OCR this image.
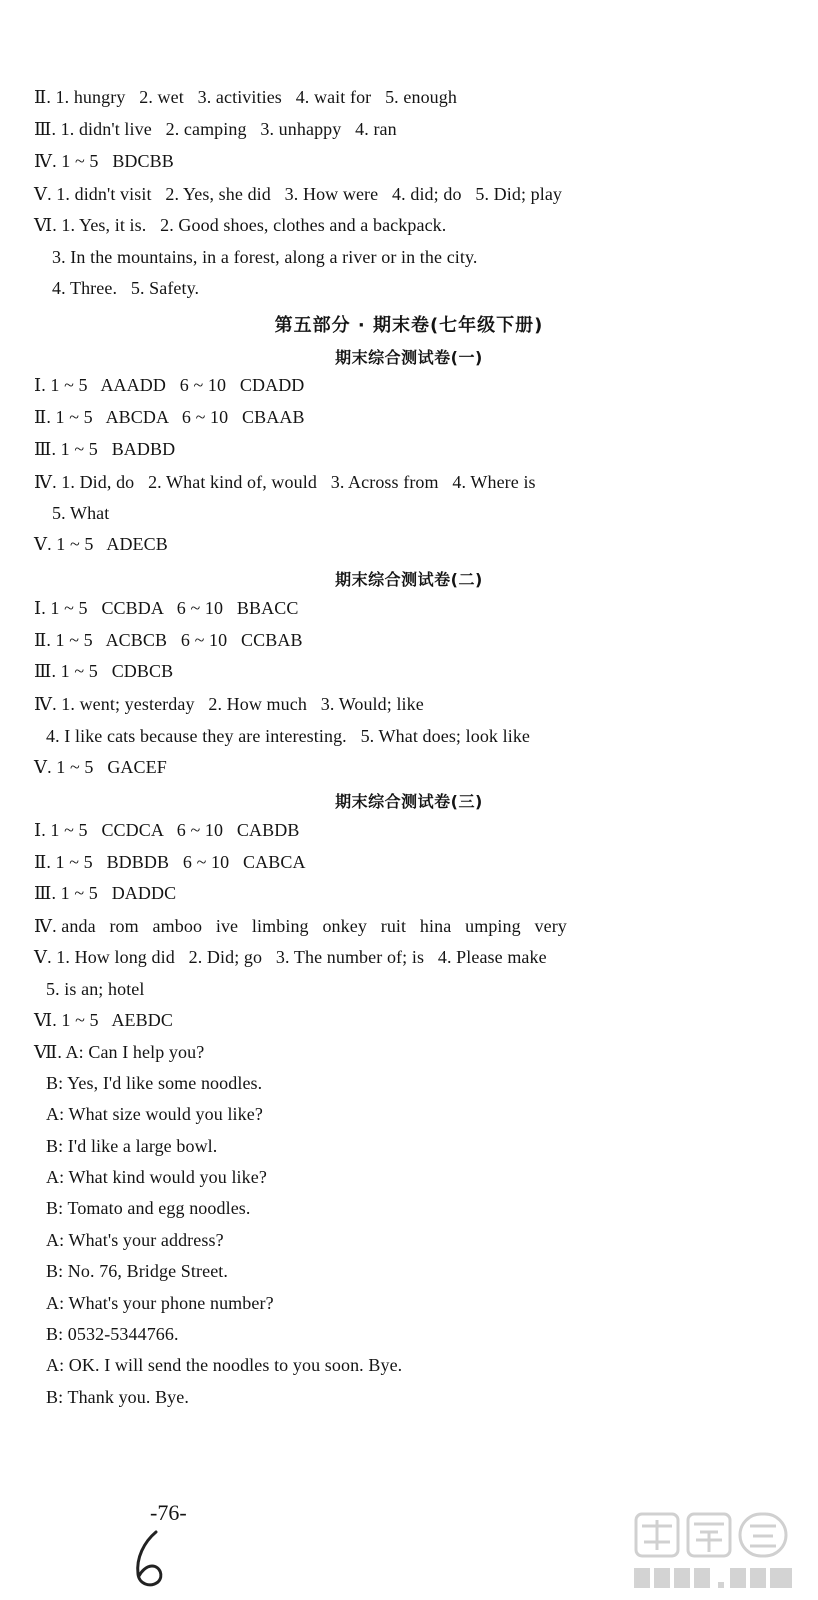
Ⅱ. 1. hungry   2. wet   3. activities   4. wait for   5. enough
Ⅲ. 1. didn't live   2. camping   3. unhappy   4. ran
Ⅳ. 1 ~ 5   BDCBB
Ⅴ. 1. didn't visit   2. Yes, she did   3. How were   4. did; do   5. Did; play
Ⅵ. 1. Yes, it is.   2. Good shoes, clothes and a backpack.
3. In the mountains, in a forest, along a river or in the city.
4. Three.   5. Safety.
第五部分 · 期末卷(七年级下册)
期末综合测试卷(一)
Ⅰ. 1 ~ 5   AAADD   6 ~ 10   CDADD
Ⅱ. 1 ~ 5   ABCDA   6 ~ 10   CBAAB
Ⅲ. 1 ~ 5   BADBD
Ⅳ. 1. Did, do   2. What kind of, would   3. Across from   4. Where is
5. What
Ⅴ. 1 ~ 5   ADECB
期末综合测试卷(二)
Ⅰ. 1 ~ 5   CCBDA   6 ~ 10   BBACC
Ⅱ. 1 ~ 5   ACBCB   6 ~ 10   CCBAB
Ⅲ. 1 ~ 5   CDBCB
Ⅳ. 1. went; yesterday   2. How much   3. Would; like
4. I like cats because they are interesting.   5. What does; look like
Ⅴ. 1 ~ 5   GACEF
期末综合测试卷(三)
Ⅰ. 1 ~ 5   CCDCA   6 ~ 10   CABDB
Ⅱ. 1 ~ 5   BDBDB   6 ~ 10   CABCA
Ⅲ. 1 ~ 5   DADDC
Ⅳ. anda   rom   amboo   ive   limbing   onkey   ruit   hina   umping   very
Ⅴ. 1. How long did   2. Did; go   3. The number of; is   4. Please make
5. is an; hotel
Ⅵ. 1 ~ 5   AEBDC
Ⅶ. A: Can I help you?
B: Yes, I'd like some noodles.
A: What size would you like?
B: I'd like a large bowl.
A: What kind would you like?
B: Tomato and egg noodles.
A: What's your address?
B: No. 76, Bridge Street.
A: What's your phone number?
B: 0532-5344766.
A: OK. I will send the noodles to you soon. Bye.
B: Thank you. Bye.
-76-
